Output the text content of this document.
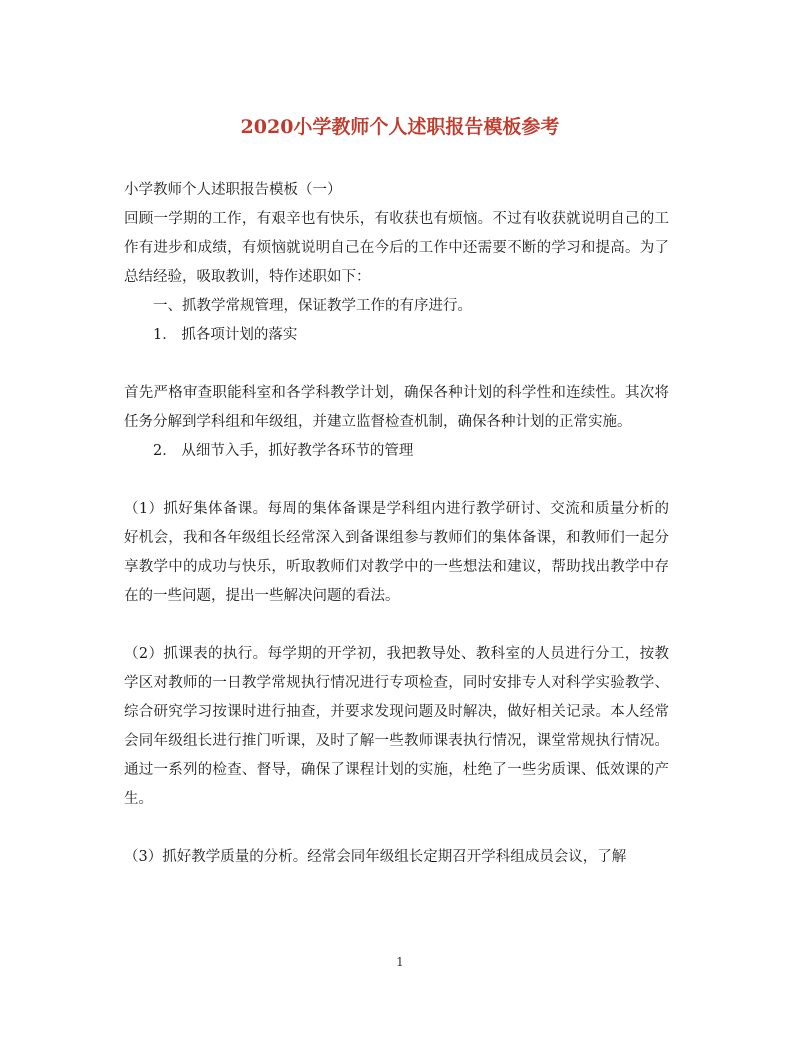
2020小学教师个人述职报告模板参考

小学教师个人述职报告模板（一）

回顾一学期的工作，有艰辛也有快乐，有收获也有烦恼。不过有收获就说明自己的工作有进步和成绩，有烦恼就说明自己在今后的工作中还需要不断的学习和提高。为了总结经验，吸取教训，特作述职如下：

一、抓教学常规管理，保证教学工作的有序进行。

1． 抓各项计划的落实

首先严格审查职能科室和各学科教学计划，确保各种计划的科学性和连续性。其次将任务分解到学科组和年级组，并建立监督检查机制，确保各种计划的正常实施。

2． 从细节入手，抓好教学各环节的管理

（1）抓好集体备课。每周的集体备课是学科组内进行教学研讨、交流和质量分析的好机会，我和各年级组长经常深入到备课组参与教师们的集体备课，和教师们一起分享教学中的成功与快乐，听取教师们对教学中的一些想法和建议，帮助找出教学中存在的一些问题，提出一些解决问题的看法。

（2）抓课表的执行。每学期的开学初，我把教导处、教科室的人员进行分工，按教学区对教师的一日教学常规执行情况进行专项检查，同时安排专人对科学实验教学、综合研究学习按课时进行抽查，并要求发现问题及时解决，做好相关记录。本人经常会同年级组长进行推门听课，及时了解一些教师课表执行情况，课堂常规执行情况。通过一系列的检查、督导，确保了课程计划的实施，杜绝了一些劣质课、低效课的产生。

（3）抓好教学质量的分析。经常会同年级组长定期召开学科组成员会议，了解

1
